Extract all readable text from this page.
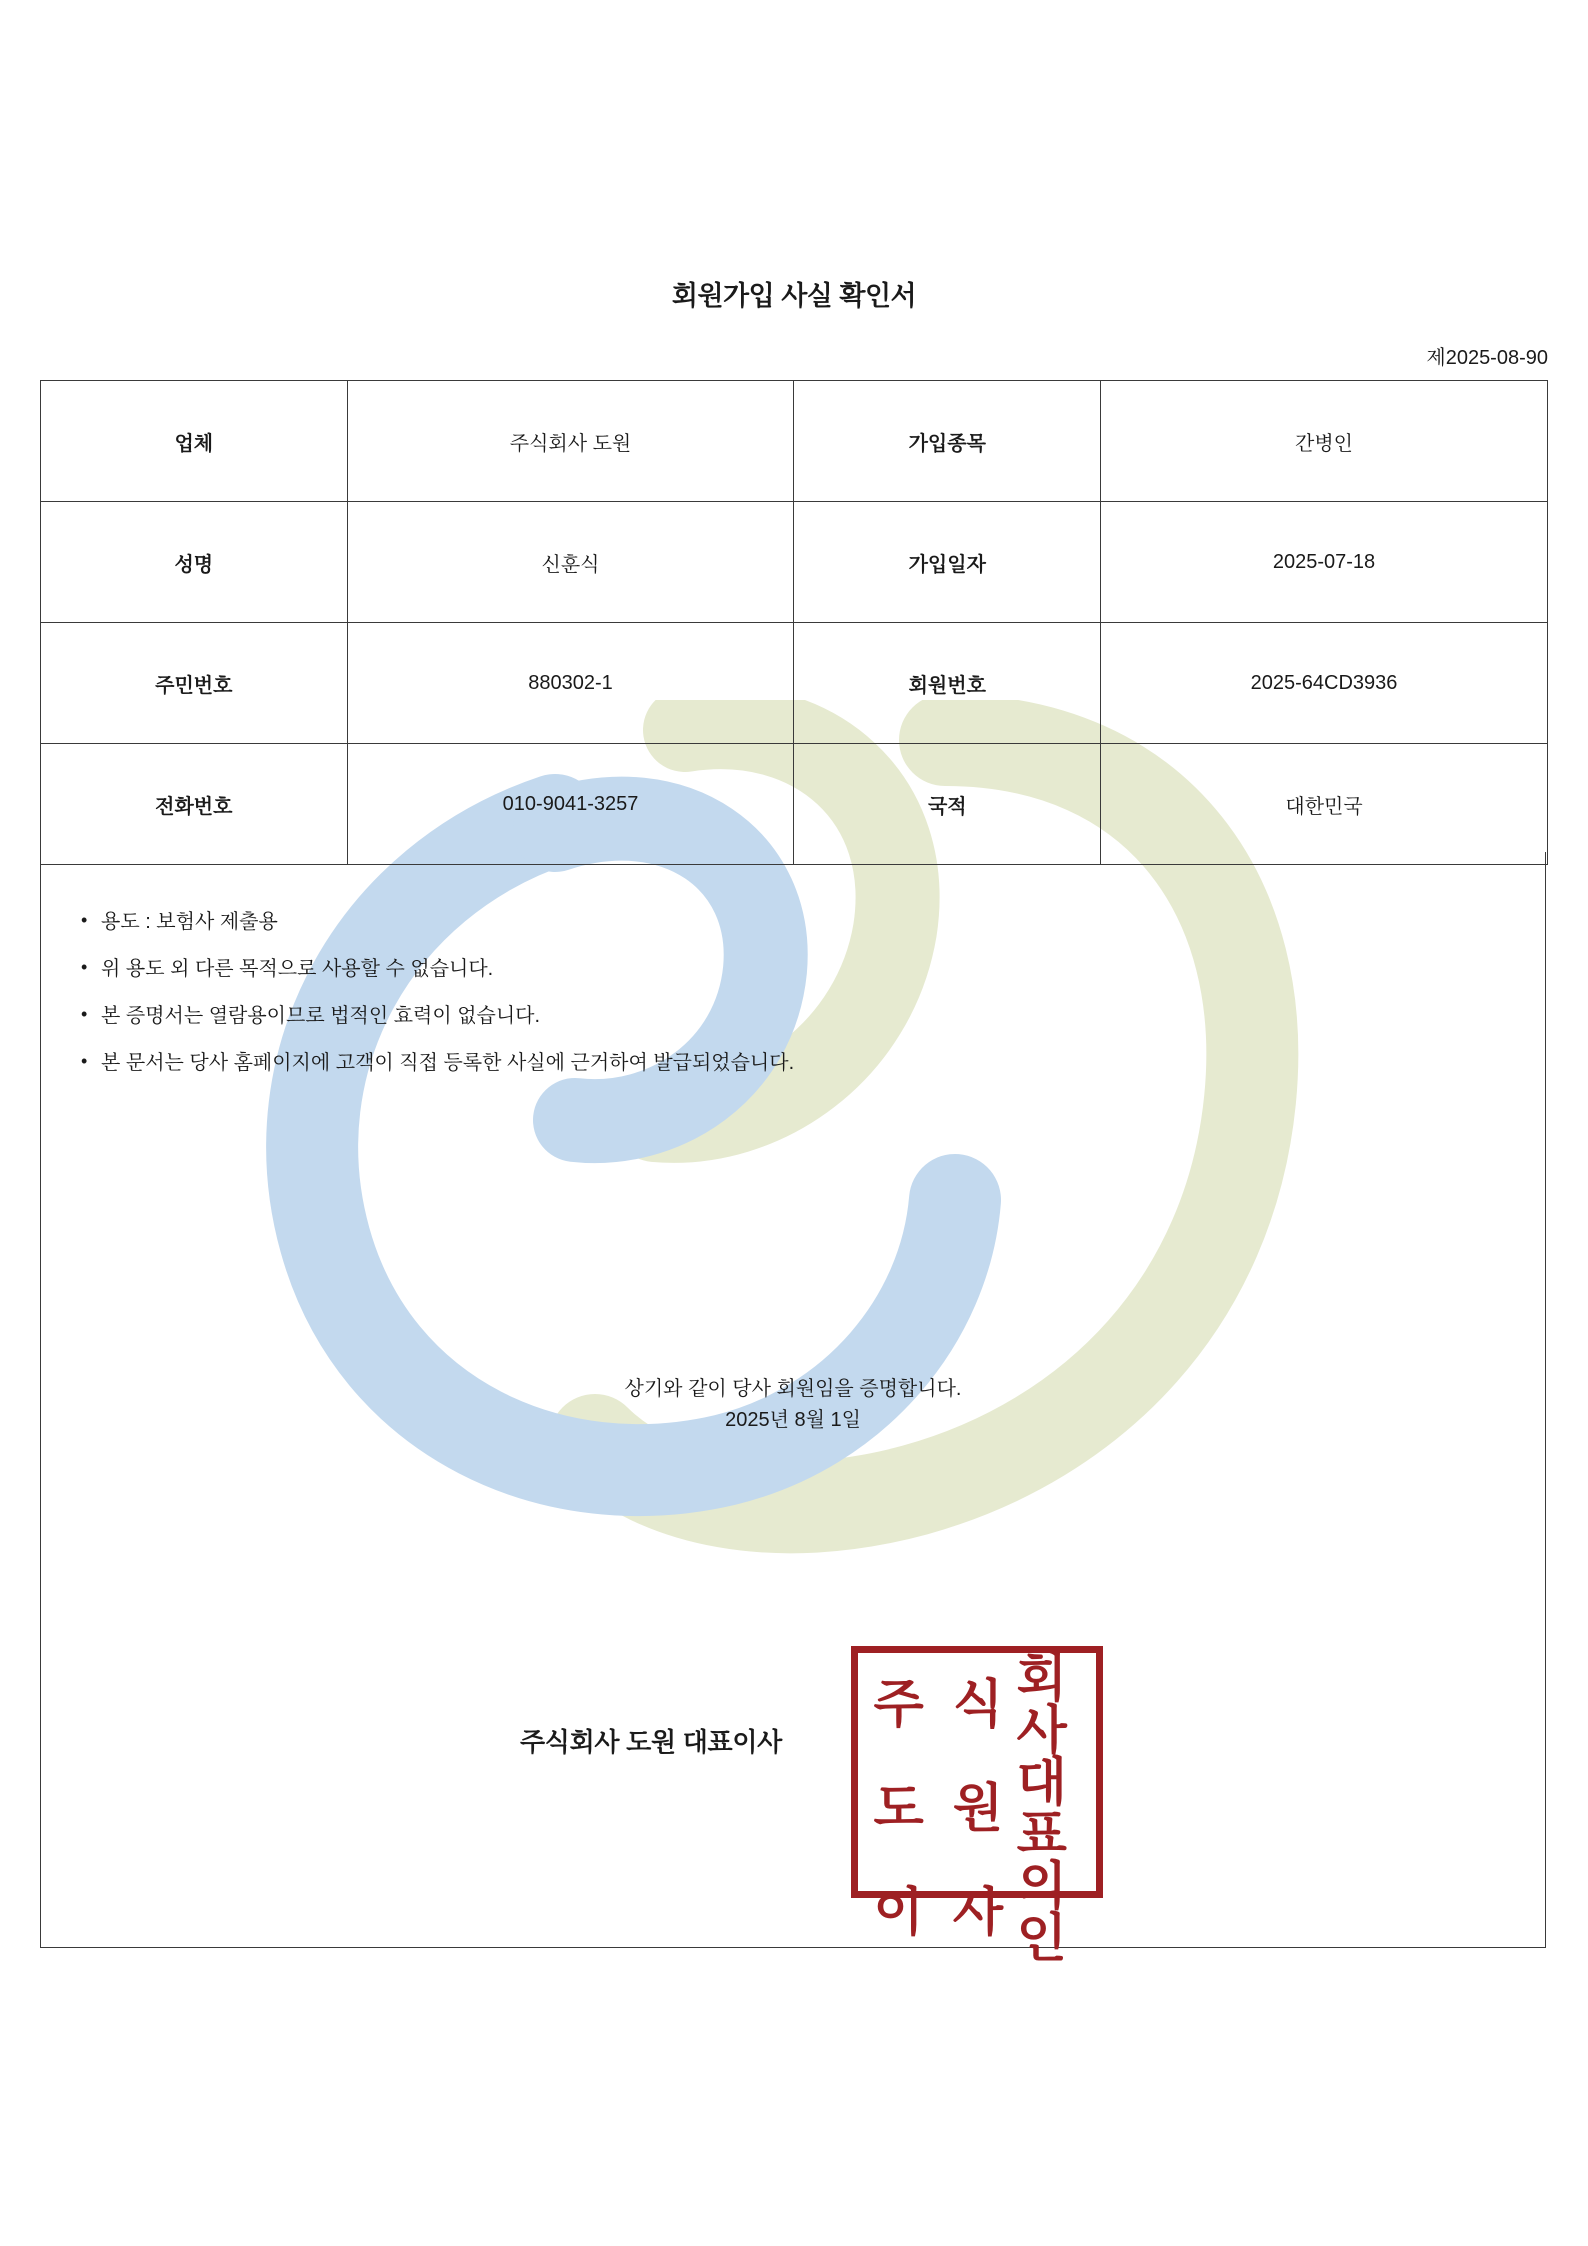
회원가입 사실 확인서
제2025-08-90
업체	주식회사 도원	가입종목	간병인
성명	신훈식	가입일자	2025-07-18
주민번호	880302-1	회원번호	2025-64CD3936
전화번호	010-9041-3257	국적	대한민국
• 용도 : 보험사 제출용
• 위 용도 외 다른 목적으로 사용할 수 없습니다.
• 본 증명서는 열람용이므로 법적인 효력이 없습니다.
• 본 문서는 당사 홈페이지에 고객이 직접 등록한 사실에 근거하여 발급되었습니다.
상기와 같이 당사 회원임을 증명합니다.
2025년 8월 1일
주식회사 도원 대표이사
주 식 회사
도 원 대표
이 사 의인
